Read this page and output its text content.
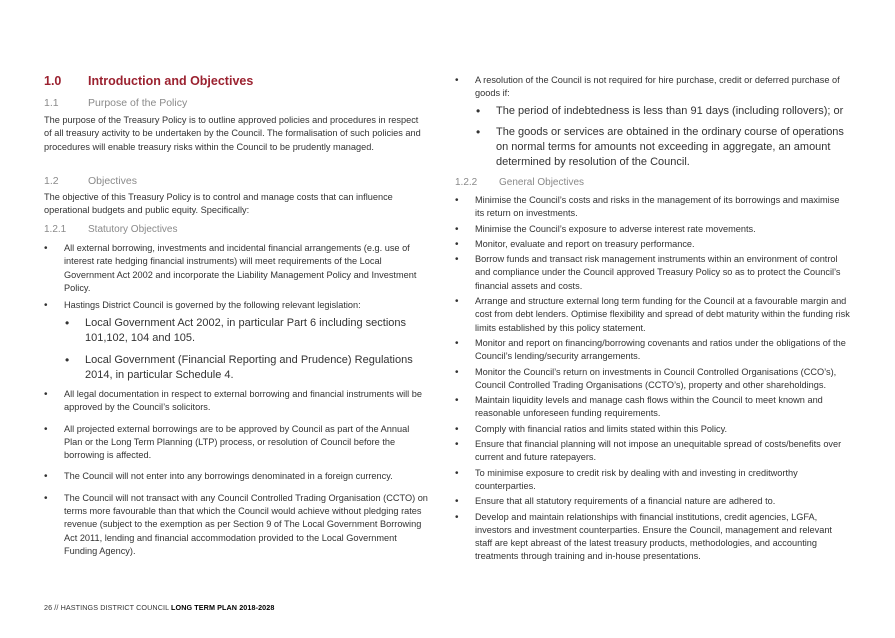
1.0 Introduction and Objectives
1.1	Purpose of the Policy
The purpose of the Treasury Policy is to outline approved policies and procedures in respect of all treasury activity to be undertaken by the Council. The formalisation of such policies and procedures will enable treasury risks within the Council to be prudently managed.
1.2	Objectives
The objective of this Treasury Policy is to control and manage costs that can influence operational budgets and public equity. Specifically:
1.2.1 Statutory Objectives
• All external borrowing, investments and incidental financial arrangements (e.g. use of interest rate hedging financial instruments) will meet requirements of the Local Government Act 2002 and incorporate the Liability Management Policy and Investment Policy.
• Hastings District Council is governed by the following relevant legislation:
• Local Government Act 2002, in particular Part 6 including sections 101,102, 104 and 105.
• Local Government (Financial Reporting and Prudence) Regulations 2014, in particular Schedule 4.
• All legal documentation in respect to external borrowing and financial instruments will be approved by the Council’s solicitors.
• All projected external borrowings are to be approved by Council as part of the Annual Plan or the Long Term Planning (LTP) process, or resolution of Council before the borrowing is affected.
• The Council will not enter into any borrowings denominated in a foreign currency.
• The Council will not transact with any Council Controlled Trading Organisation (CCTO) on terms more favourable than that which the Council would achieve without pledging rates revenue (subject to the exemption as per Section 9 of The Local Government Borrowing Act 2011, lending and financial accommodation provided to the Local Government Funding Agency).
• A resolution of the Council is not required for hire purchase, credit or deferred purchase of goods if:
• The period of indebtedness is less than 91 days (including rollovers); or
• The goods or services are obtained in the ordinary course of operations on normal terms for amounts not exceeding in aggregate, an amount determined by resolution of the Council.
1.2.2 General Objectives
• Minimise the Council’s costs and risks in the management of its borrowings and maximise its return on investments.
• Minimise the Council’s exposure to adverse interest rate movements.
• Monitor, evaluate and report on treasury performance.
• Borrow funds and transact risk management instruments within an environment of control and compliance under the Council approved Treasury Policy so as to protect the Council’s financial assets and costs.
• Arrange and structure external long term funding for the Council at a favourable margin and cost from debt lenders. Optimise flexibility and spread of debt maturity within the funding risk limits established by this policy statement.
• Monitor and report on financing/borrowing covenants and ratios under the obligations of the Council’s lending/security arrangements.
• Monitor the Council’s return on investments in Council Controlled Organisations (CCO’s), Council Controlled Trading Organisations (CCTO’s), property and other shareholdings.
• Maintain liquidity levels and manage cash flows within the Council to meet known and reasonable unforeseen funding requirements.
• Comply with financial ratios and limits stated within this Policy.
• Ensure that financial planning will not impose an unequitable spread of costs/benefits over current and future ratepayers.
• To minimise exposure to credit risk by dealing with and investing in creditworthy counterparties.
• Ensure that all statutory requirements of a financial nature are adhered to.
• Develop and maintain relationships with financial institutions, credit agencies, LGFA, investors and investment counterparties. Ensure the Council, management and relevant staff are kept abreast of the latest treasury products, methodologies, and accounting treatments through training and in-house presentations.
26 // HASTINGS DISTRICT COUNCIL LONG TERM PLAN 2018-2028
